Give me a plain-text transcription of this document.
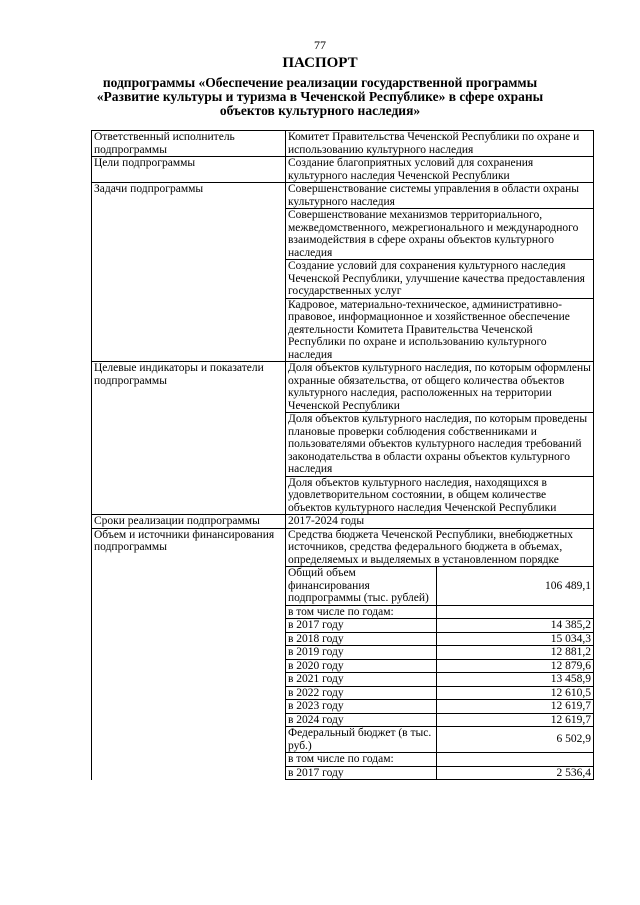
77
ПАСПОРТ
подпрограммы «Обеспечение реализации государственной программы «Развитие культуры и туризма в Чеченской Республике» в сфере охраны объектов культурного наследия»
Ответственный исполнитель подпрограммы	Комитет Правительства Чеченской Республики по охране и использованию культурного наследия
Цели подпрограммы	Создание благоприятных условий для сохранения культурного наследия Чеченской Республики
Задачи подпрограммы	Совершенствование системы управления в области охраны культурного наследия
Совершенствование механизмов территориального, межведомственного, межрегионального и международного взаимодействия в сфере охраны объектов культурного наследия
Создание условий для сохранения культурного наследия Чеченской Республики, улучшение качества предоставления государственных услуг
Кадровое, материально-техническое, административно-правовое, информационное и хозяйственное обеспечение деятельности Комитета Правительства Чеченской Республики по охране и использованию культурного наследия
Целевые индикаторы и показатели подпрограммы	Доля объектов культурного наследия, по которым оформлены охранные обязательства, от общего количества объектов культурного наследия, расположенных на территории Чеченской Республики
Доля объектов культурного наследия, по которым проведены плановые проверки соблюдения собственниками и пользователями объектов культурного наследия требований законодательства в области охраны объектов культурного наследия
Доля объектов культурного наследия, находящихся в удовлетворительном состоянии, в общем количестве объектов культурного наследия Чеченской Республики
Сроки реализации подпрограммы	2017-2024 годы
Объем и источники финансирования подпрограммы	Средства бюджета Чеченской Республики, внебюджетных источников, средства федерального бюджета в объемах, определяемых и выделяемых в установленном порядке

Общий объем финансирования подпрограммы (тыс. рублей)	106 489,1
в том числе по годам:	
в 2017 году	14 385,2
в 2018 году	15 034,3
в 2019 году	12 881,2
в 2020 году	12 879,6
в 2021 году	13 458,9
в 2022 году	12 610,5
в 2023 году	12 619,7
в 2024 году	12 619,7
Федеральный бюджет (в тыс. руб.)	6 502,9
в том числе по годам:	
в 2017 году	2 536,4
